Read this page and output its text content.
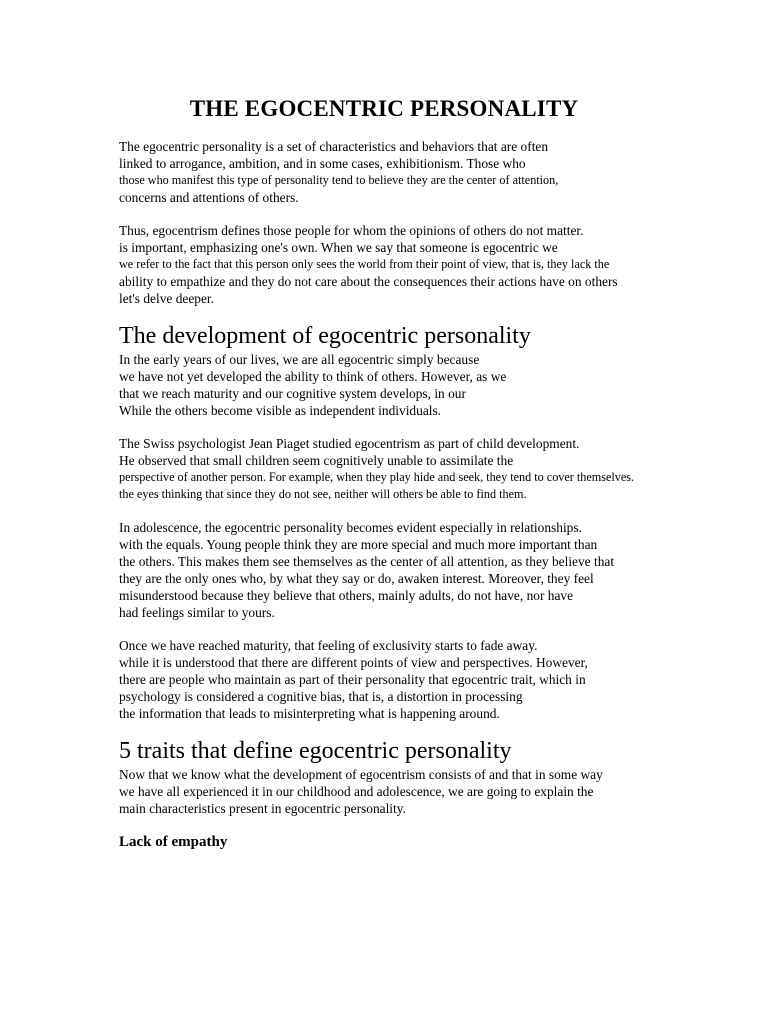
THE EGOCENTRIC PERSONALITY

The egocentric personality is a set of characteristics and behaviors that are often
linked to arrogance, ambition, and in some cases, exhibitionism. Those who
those who manifest this type of personality tend to believe they are the center of attention,
concerns and attentions of others.

Thus, egocentrism defines those people for whom the opinions of others do not matter.
is important, emphasizing one's own. When we say that someone is egocentric we
we refer to the fact that this person only sees the world from their point of view, that is, they lack the
ability to empathize and they do not care about the consequences their actions have on others
let's delve deeper.

The development of egocentric personality

In the early years of our lives, we are all egocentric simply because
we have not yet developed the ability to think of others. However, as we
that we reach maturity and our cognitive system develops, in our
While the others become visible as independent individuals.

The Swiss psychologist Jean Piaget studied egocentrism as part of child development.
He observed that small children seem cognitively unable to assimilate the
perspective of another person. For example, when they play hide and seek, they tend to cover themselves.
the eyes thinking that since they do not see, neither will others be able to find them.

In adolescence, the egocentric personality becomes evident especially in relationships.
with the equals. Young people think they are more special and much more important than
the others. This makes them see themselves as the center of all attention, as they believe that
they are the only ones who, by what they say or do, awaken interest. Moreover, they feel
misunderstood because they believe that others, mainly adults, do not have, nor have
had feelings similar to yours.

Once we have reached maturity, that feeling of exclusivity starts to fade away.
while it is understood that there are different points of view and perspectives. However,
there are people who maintain as part of their personality that egocentric trait, which in
psychology is considered a cognitive bias, that is, a distortion in processing
the information that leads to misinterpreting what is happening around.

5 traits that define egocentric personality

Now that we know what the development of egocentrism consists of and that in some way
we have all experienced it in our childhood and adolescence, we are going to explain the
main characteristics present in egocentric personality.

Lack of empathy
